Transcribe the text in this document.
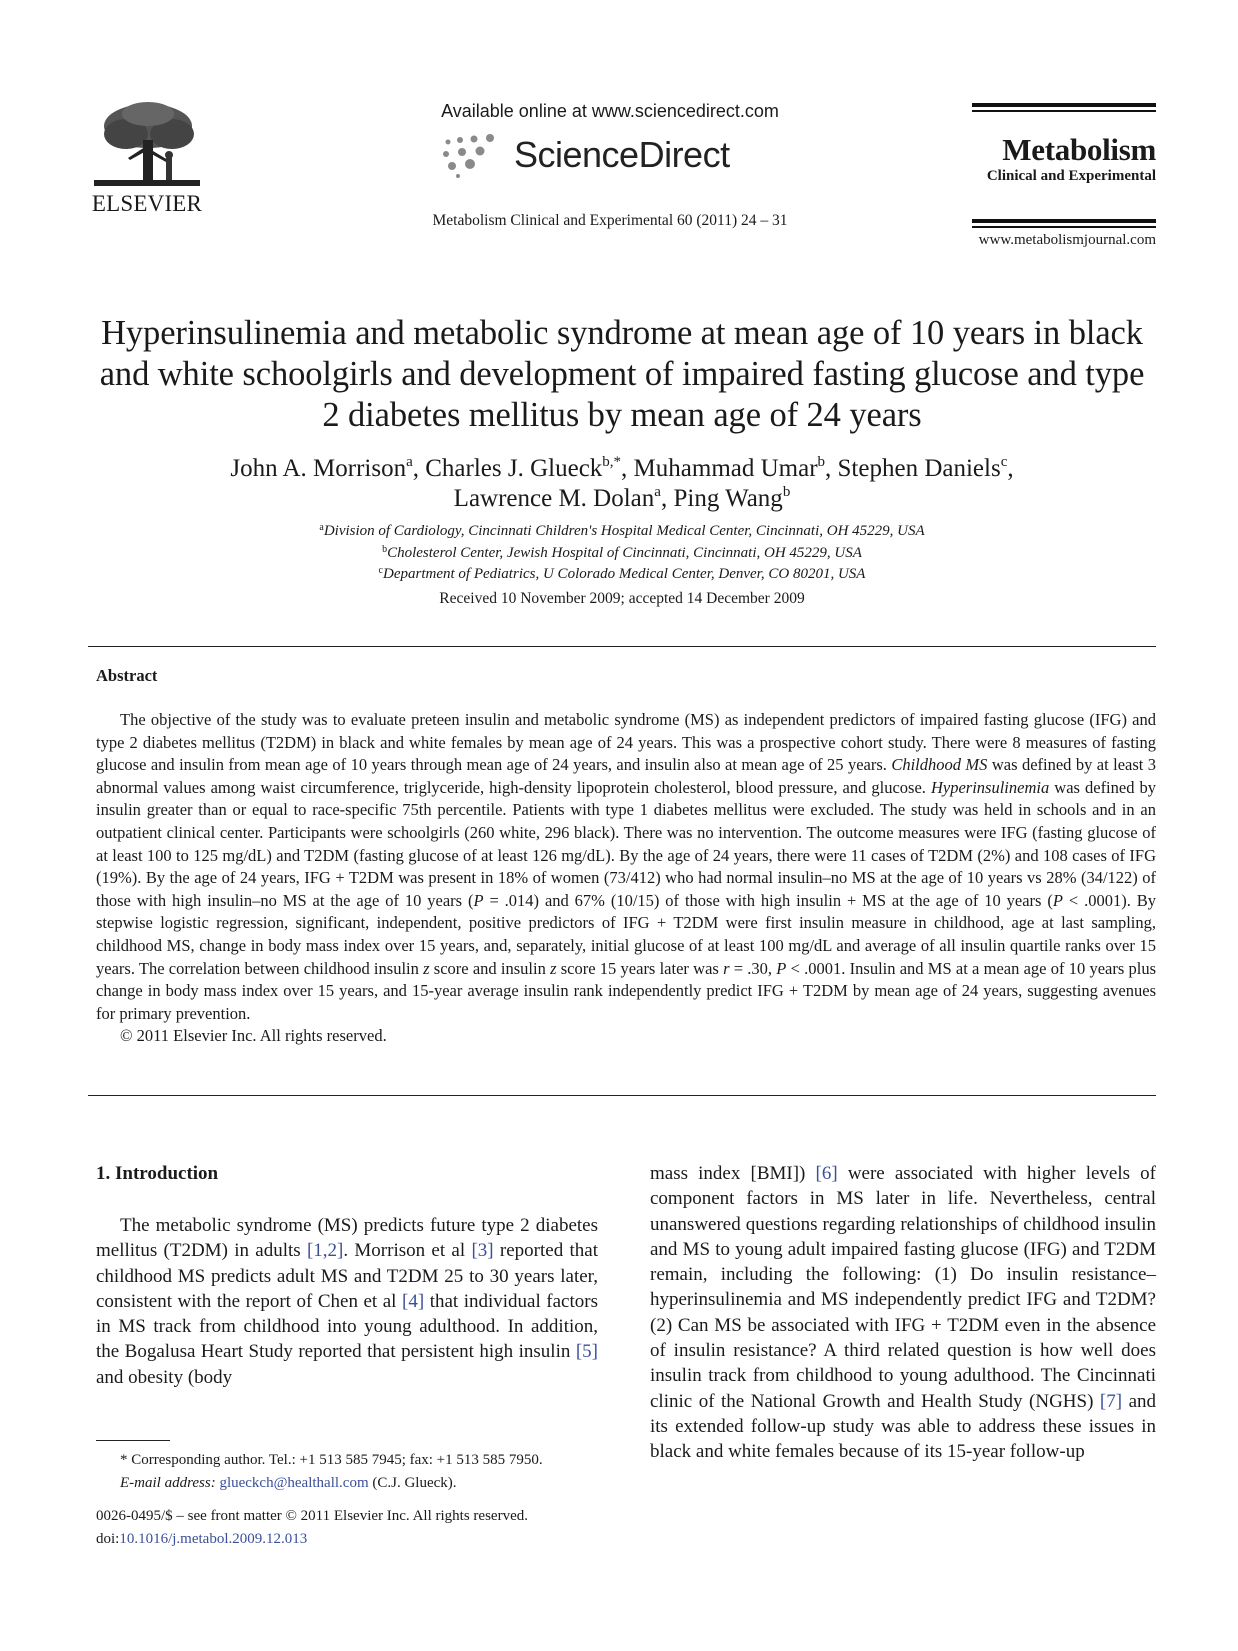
ELSEVIER
Available online at www.sciencedirect.com
ScienceDirect
Metabolism Clinical and Experimental 60 (2011) 24 – 31
Metabolism
Clinical and Experimental
www.metabolismjournal.com
Hyperinsulinemia and metabolic syndrome at mean age of 10 years in black and white schoolgirls and development of impaired fasting glucose and type 2 diabetes mellitus by mean age of 24 years
John A. Morrison$^a$, Charles J. Glueck$^{b,*}$, Muhammad Umar$^b$, Stephen Daniels$^c$,
Lawrence M. Dolan$^a$, Ping Wang$^b$
$^a$Division of Cardiology, Cincinnati Children's Hospital Medical Center, Cincinnati, OH 45229, USA
$^b$Cholesterol Center, Jewish Hospital of Cincinnati, Cincinnati, OH 45229, USA
$^c$Department of Pediatrics, U Colorado Medical Center, Denver, CO 80201, USA
Received 10 November 2009; accepted 14 December 2009
Abstract

The objective of the study was to evaluate preteen insulin and metabolic syndrome (MS) as independent predictors of impaired fasting glucose (IFG) and type 2 diabetes mellitus (T2DM) in black and white females by mean age of 24 years. This was a prospective cohort study. There were 8 measures of fasting glucose and insulin from mean age of 10 years through mean age of 24 years, and insulin also at mean age of 25 years. Childhood MS was defined by at least 3 abnormal values among waist circumference, triglyceride, high-density lipoprotein cholesterol, blood pressure, and glucose. Hyperinsulinemia was defined by insulin greater than or equal to race-specific 75th percentile. Patients with type 1 diabetes mellitus were excluded. The study was held in schools and in an outpatient clinical center. Participants were schoolgirls (260 white, 296 black). There was no intervention. The outcome measures were IFG (fasting glucose of at least 100 to 125 mg/dL) and T2DM (fasting glucose of at least 126 mg/dL). By the age of 24 years, there were 11 cases of T2DM (2%) and 108 cases of IFG (19%). By the age of 24 years, IFG + T2DM was present in 18% of women (73/412) who had normal insulin–no MS at the age of 10 years vs 28% (34/122) of those with high insulin–no MS at the age of 10 years (P = .014) and 67% (10/15) of those with high insulin + MS at the age of 10 years (P < .0001). By stepwise logistic regression, significant, independent, positive predictors of IFG + T2DM were first insulin measure in childhood, age at last sampling, childhood MS, change in body mass index over 15 years, and, separately, initial glucose of at least 100 mg/dL and average of all insulin quartile ranks over 15 years. The correlation between childhood insulin z score and insulin z score 15 years later was r = .30, P < .0001. Insulin and MS at a mean age of 10 years plus change in body mass index over 15 years, and 15-year average insulin rank independently predict IFG + T2DM by mean age of 24 years, suggesting avenues for primary prevention.

© 2011 Elsevier Inc. All rights reserved.

1. Introduction

The metabolic syndrome (MS) predicts future type 2 diabetes mellitus (T2DM) in adults [1,2]. Morrison et al [3] reported that childhood MS predicts adult MS and T2DM 25 to 30 years later, consistent with the report of Chen et al [4] that individual factors in MS track from childhood into young adulthood. In addition, the Bogalusa Heart Study reported that persistent high insulin [5] and obesity (body

mass index [BMI]) [6] were associated with higher levels of component factors in MS later in life. Nevertheless, central unanswered questions regarding relationships of childhood insulin and MS to young adult impaired fasting glucose (IFG) and T2DM remain, including the following: (1) Do insulin resistance–hyperinsulinemia and MS independently predict IFG and T2DM? (2) Can MS be associated with IFG + T2DM even in the absence of insulin resistance? A third related question is how well does insulin track from childhood to young adulthood. The Cincinnati clinic of the National Growth and Health Study (NGHS) [7] and its extended follow-up study was able to address these issues in black and white females because of its 15-year follow-up

* Corresponding author. Tel.: +1 513 585 7945; fax: +1 513 585 7950.

E-mail address: glueckch@healthall.com (C.J. Glueck).

0026-0495/$ – see front matter © 2011 Elsevier Inc. All rights reserved.
doi:10.1016/j.metabol.2009.12.013
